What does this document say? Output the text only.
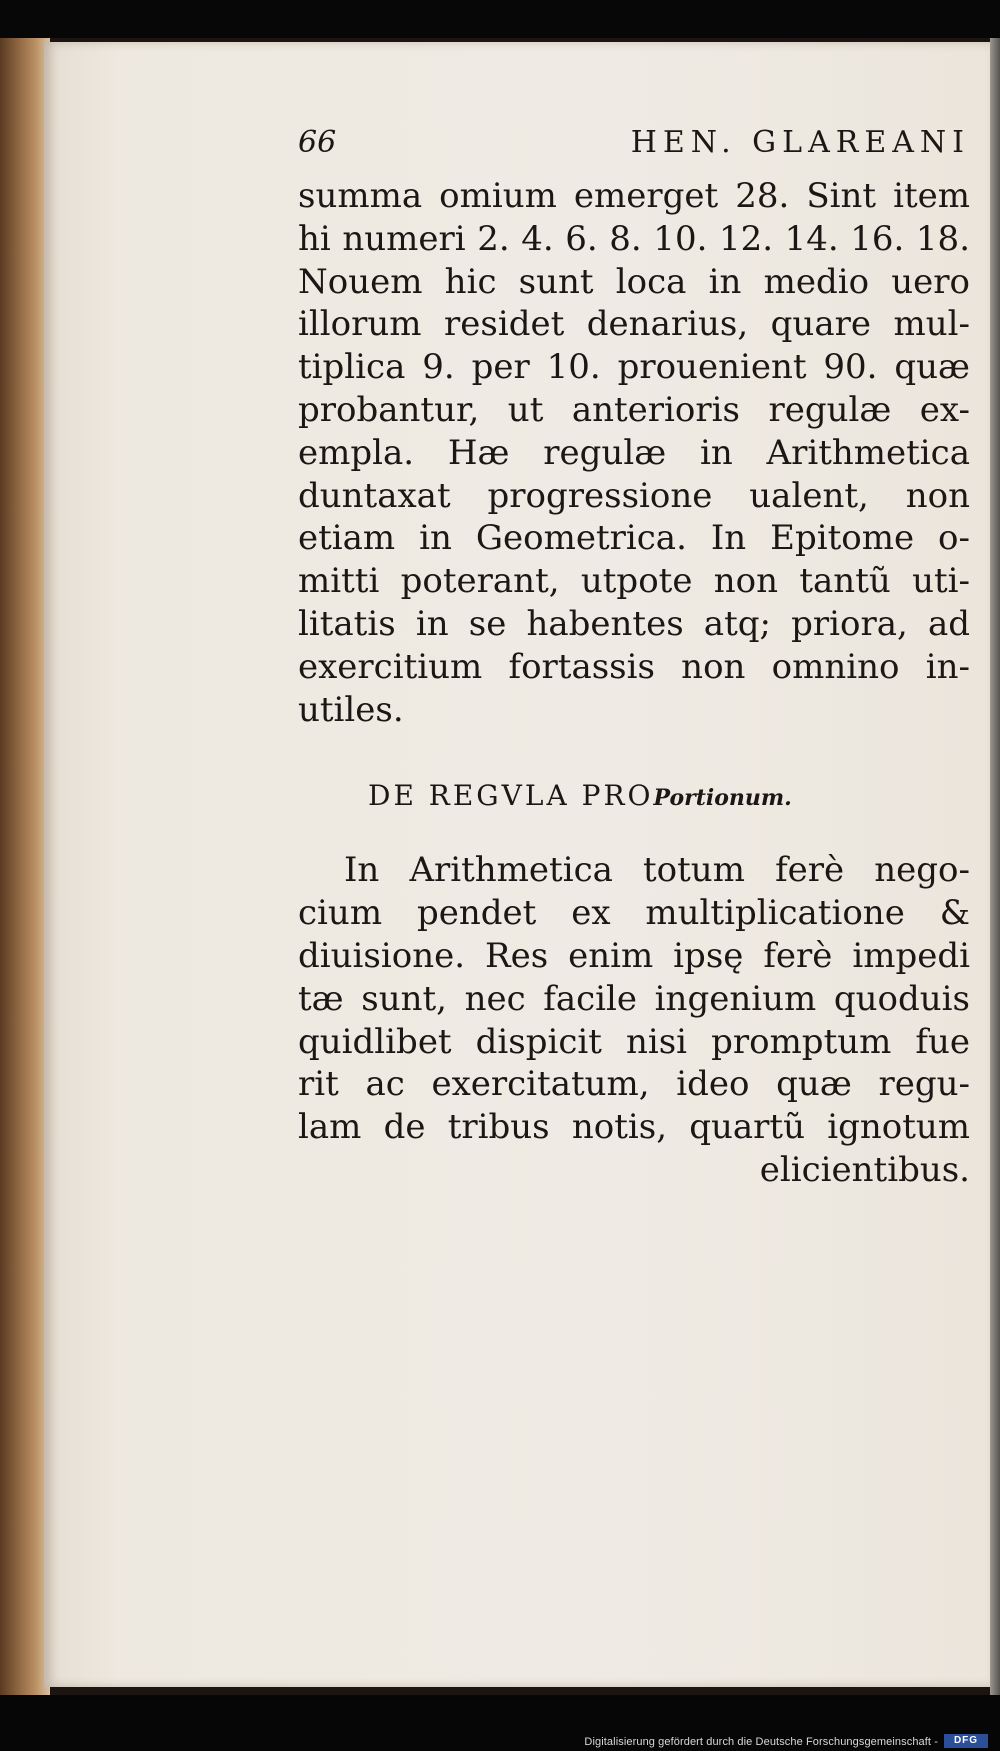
66	HEN. GLAREANI
summa omium emerget 28. Sint item
hi numeri 2. 4. 6. 8. 10. 12. 14. 16. 18.
Nouem hic sunt loca in medio uero
illorum residet denarius, quare mul-
tiplica 9. per 10. prouenient 90. quæ
probantur, ut anterioris regulæ ex-
empla. Hæ regulæ in Arithmetica
duntaxat progressione ualent, non
etiam in Geometrica. In Epitome o-
mitti poterant, utpote non tantũ uti-
litatis in se habentes atq; priora, ad
exercitium fortassis non omnino in-
utiles.
DE REGVLA PROPortionum.
In Arithmetica totum ferè nego-
cium pendet ex multiplicatione &
diuisione. Res enim ipsę ferè impedi
tæ sunt, nec facile ingenium quoduis
quidlibet dispicit nisi promptum fue
rit ac exercitatum, ideo quæ regu-
lam de tribus notis, quartũ ignotum
elicientibus.
Digitalisierung gefördert durch die Deutsche Forschungsgemeinschaft -	DFG
